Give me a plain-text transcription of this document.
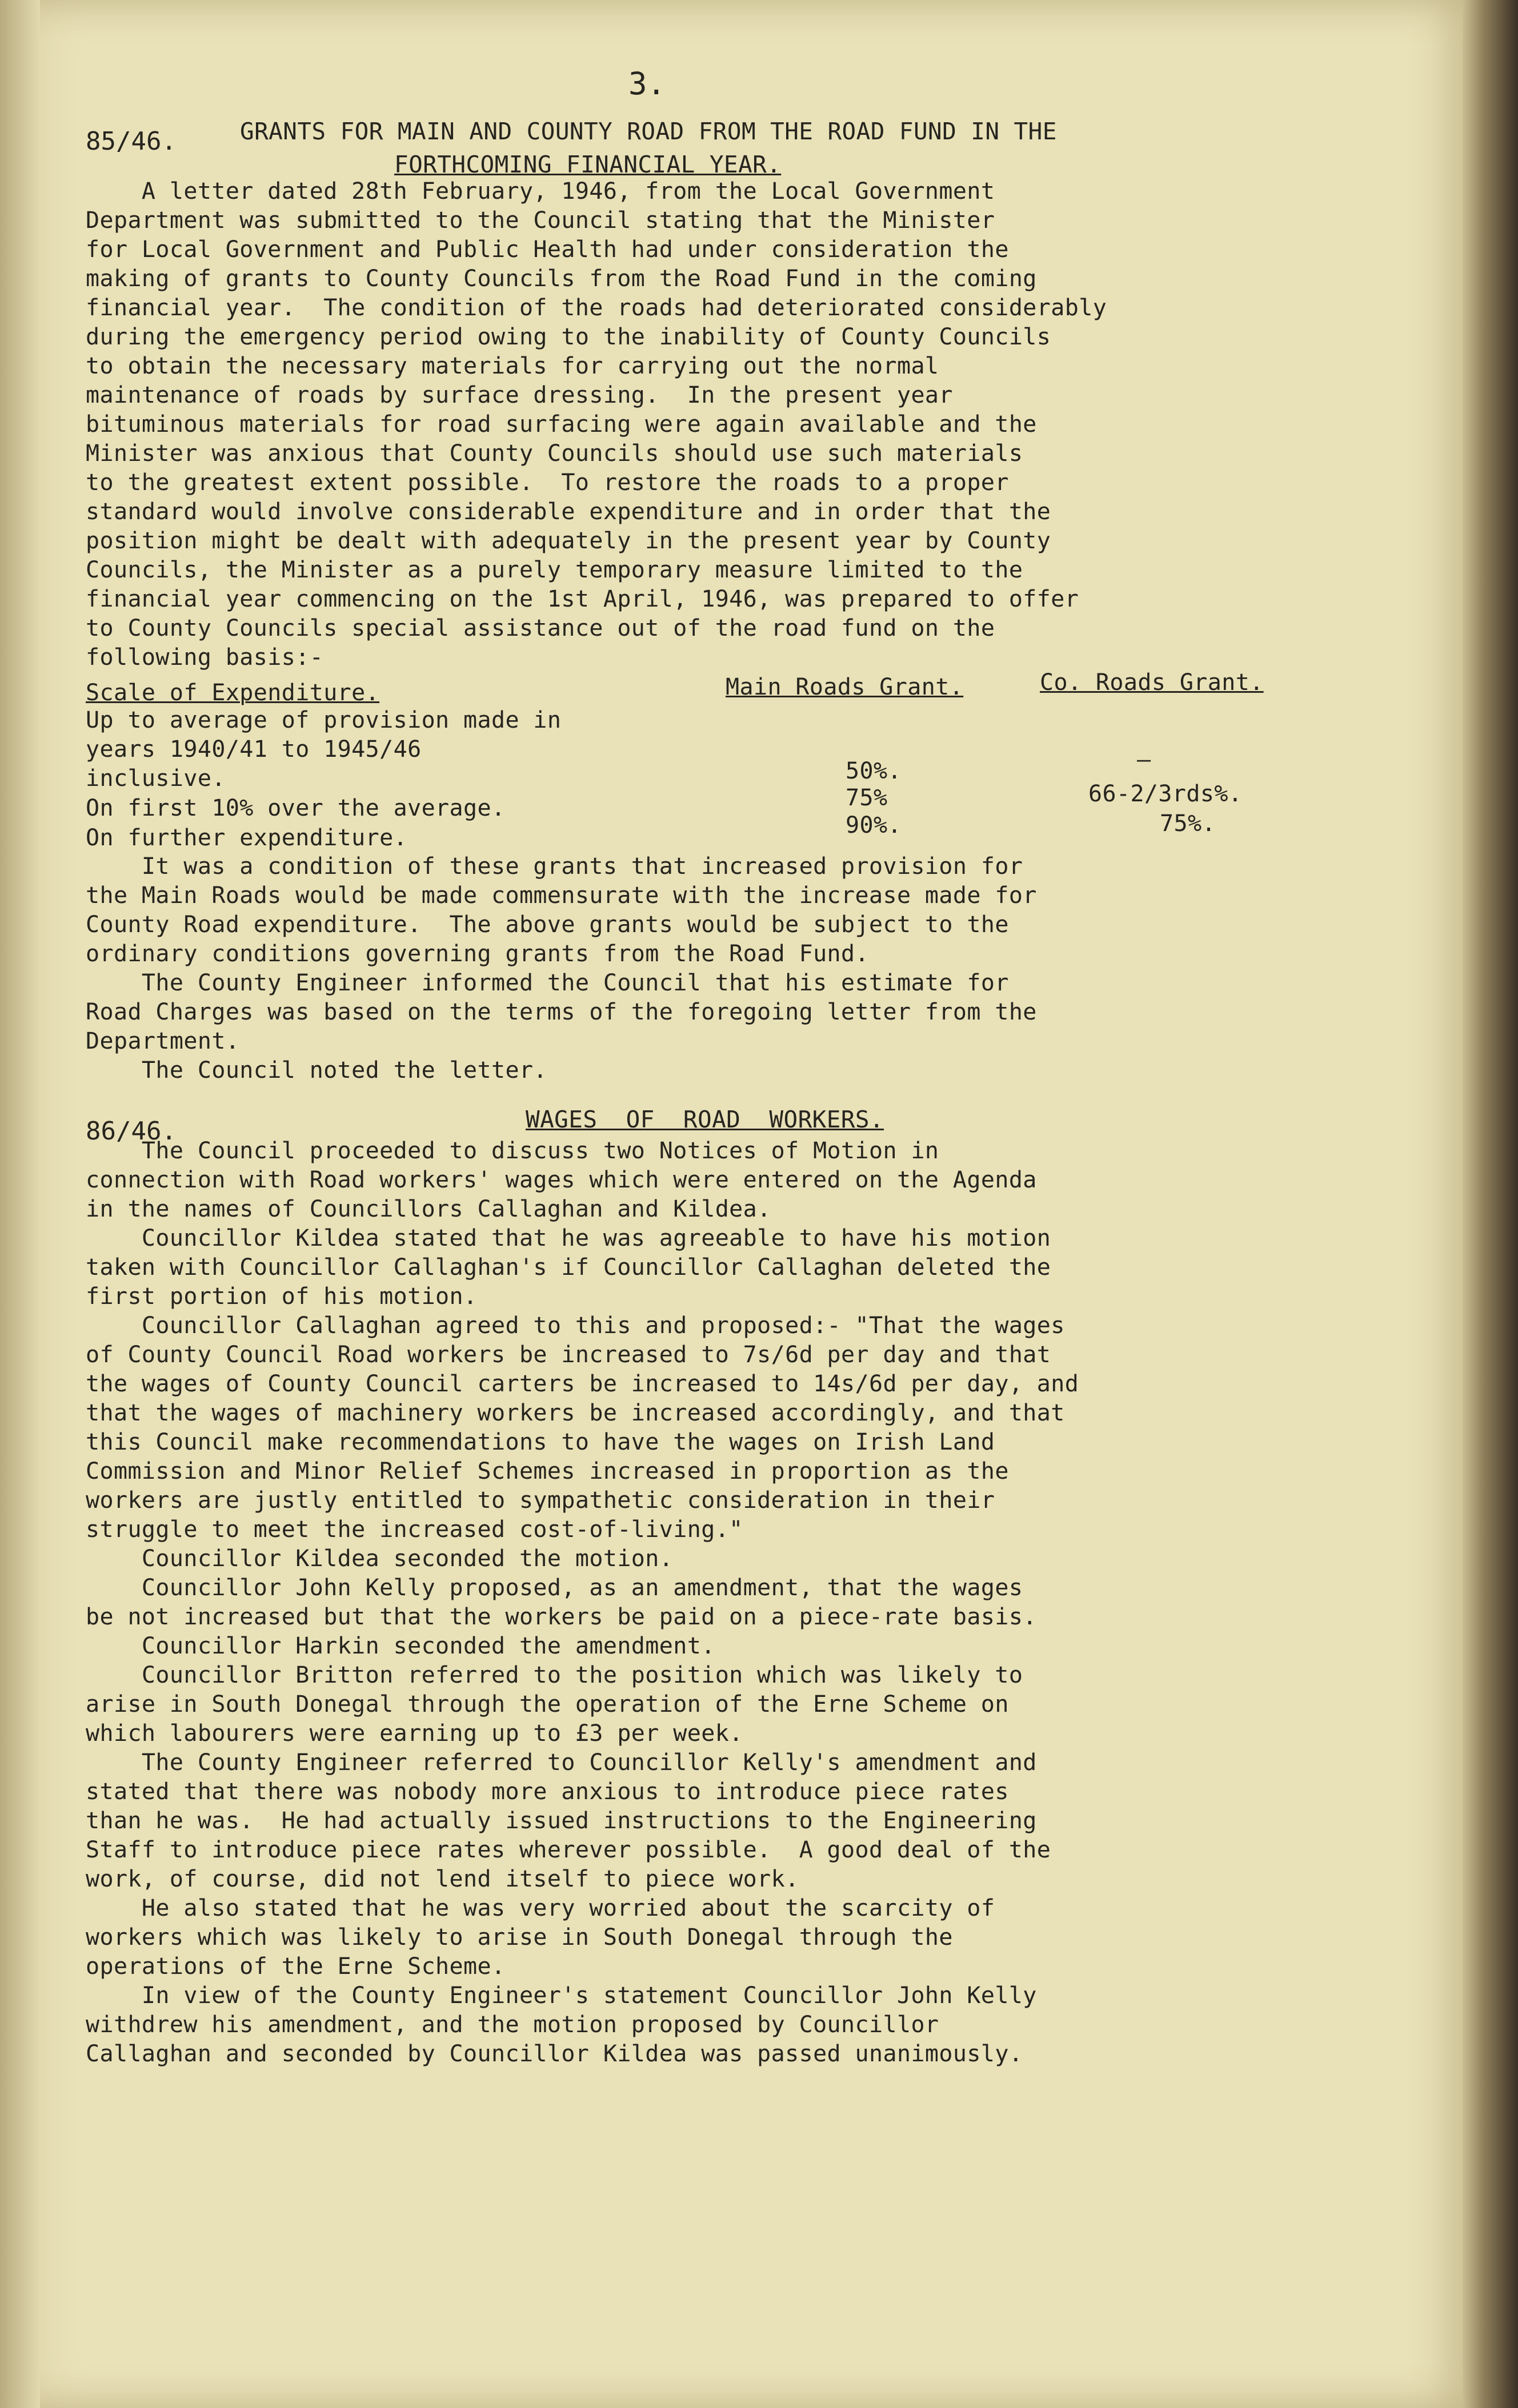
3.
85/46.	GRANTS FOR MAIN AND COUNTY ROAD FROM THE ROAD FUND IN THE
FORTHCOMING FINANCIAL YEAR.
A letter dated 28th February, 1946, from the Local Government
Department was submitted to the Council stating that the Minister
for Local Government and Public Health had under consideration the
making of grants to County Councils from the Road Fund in the coming
financial year.  The condition of the roads had deteriorated considerably
during the emergency period owing to the inability of County Councils
to obtain the necessary materials for carrying out the normal
maintenance of roads by surface dressing.  In the present year
bituminous materials for road surfacing were again available and the
Minister was anxious that County Councils should use such materials
to the greatest extent possible.  To restore the roads to a proper
standard would involve considerable expenditure and in order that the
position might be dealt with adequately in the present year by County
Councils, the Minister as a purely temporary measure limited to the
financial year commencing on the 1st April, 1946, was prepared to offer
to County Councils special assistance out of the road fund on the
following basis:-
Scale of Expenditure.	Main Roads Grant.	Co. Roads Grant.
Up to average of provision made in
years 1940/41 to 1945/46
inclusive.	50%.	—
On first 10% over the average.	75%	66-2/3rds%.
On further expenditure.	90%.	75%.
It was a condition of these grants that increased provision for
the Main Roads would be made commensurate with the increase made for
County Road expenditure.  The above grants would be subject to the
ordinary conditions governing grants from the Road Fund.
The County Engineer informed the Council that his estimate for
Road Charges was based on the terms of the foregoing letter from the
Department.
The Council noted the letter.
86/46.	WAGES  OF  ROAD  WORKERS.
The Council proceeded to discuss two Notices of Motion in
connection with Road workers' wages which were entered on the Agenda
in the names of Councillors Callaghan and Kildea.
Councillor Kildea stated that he was agreeable to have his motion
taken with Councillor Callaghan's if Councillor Callaghan deleted the
first portion of his motion.
Councillor Callaghan agreed to this and proposed:- "That the wages
of County Council Road workers be increased to 7s/6d per day and that
the wages of County Council carters be increased to 14s/6d per day, and
that the wages of machinery workers be increased accordingly, and that
this Council make recommendations to have the wages on Irish Land
Commission and Minor Relief Schemes increased in proportion as the
workers are justly entitled to sympathetic consideration in their
struggle to meet the increased cost-of-living."
Councillor Kildea seconded the motion.
Councillor John Kelly proposed, as an amendment, that the wages
be not increased but that the workers be paid on a piece-rate basis.
Councillor Harkin seconded the amendment.
Councillor Britton referred to the position which was likely to
arise in South Donegal through the operation of the Erne Scheme on
which labourers were earning up to £3 per week.
The County Engineer referred to Councillor Kelly's amendment and
stated that there was nobody more anxious to introduce piece rates
than he was.  He had actually issued instructions to the Engineering
Staff to introduce piece rates wherever possible.  A good deal of the
work, of course, did not lend itself to piece work.
He also stated that he was very worried about the scarcity of
workers which was likely to arise in South Donegal through the
operations of the Erne Scheme.
In view of the County Engineer's statement Councillor John Kelly
withdrew his amendment, and the motion proposed by Councillor
Callaghan and seconded by Councillor Kildea was passed unanimously.
